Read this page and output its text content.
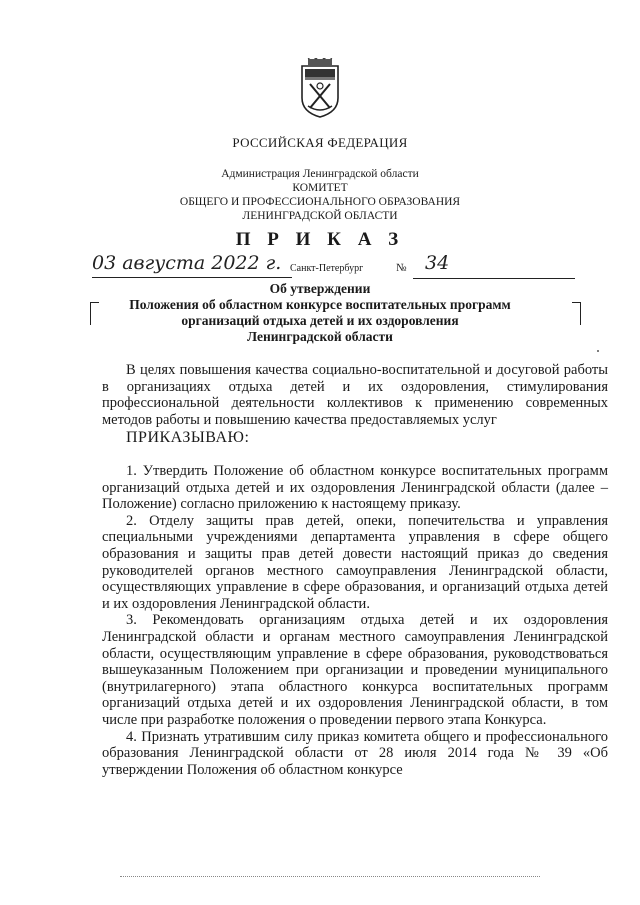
РОССИЙСКАЯ ФЕДЕРАЦИЯ
Администрация Ленинградской области
КОМИТЕТ
ОБЩЕГО И ПРОФЕССИОНАЛЬНОГО ОБРАЗОВАНИЯ
ЛЕНИНГРАДСКОЙ ОБЛАСТИ
П Р И К А З
03 августа 2022 г. Санкт-Петербург	№ 34
Об утверждении
Положения об областном конкурсе воспитательных программ
организаций отдыха детей и их оздоровления
Ленинградской области

В целях повышения качества социально-воспитательной и досуговой работы в организациях отдыха детей и их оздоровления, стимулирования профессиональной деятельности коллективов к применению современных методов работы и повышению качества предоставляемых услуг

ПРИКАЗЫВАЮ:

1. Утвердить Положение об областном конкурсе воспитательных программ организаций отдыха детей и их оздоровления Ленинградской области (далее – Положение) согласно приложению к настоящему приказу.

2. Отделу защиты прав детей, опеки, попечительства и управления специальными учреждениями департамента управления в сфере общего образования и защиты прав детей довести настоящий приказ до сведения руководителей органов местного самоуправления Ленинградской области, осуществляющих управление в сфере образования, и организаций отдыха детей и их оздоровления Ленинградской области.

3. Рекомендовать организациям отдыха детей и их оздоровления Ленинградской области и органам местного самоуправления Ленинградской области, осуществляющим управление в сфере образования, руководствоваться вышеуказанным Положением при организации и проведении муниципального (внутрилагерного) этапа областного конкурса воспитательных программ организаций отдыха детей и их оздоровления Ленинградской области, в том числе при разработке положения о проведении первого этапа Конкурса.

4. Признать утратившим силу приказ комитета общего и профессионального образования Ленинградской области от 28 июля 2014 года № 39 «Об утверждении Положения об областном конкурсе
